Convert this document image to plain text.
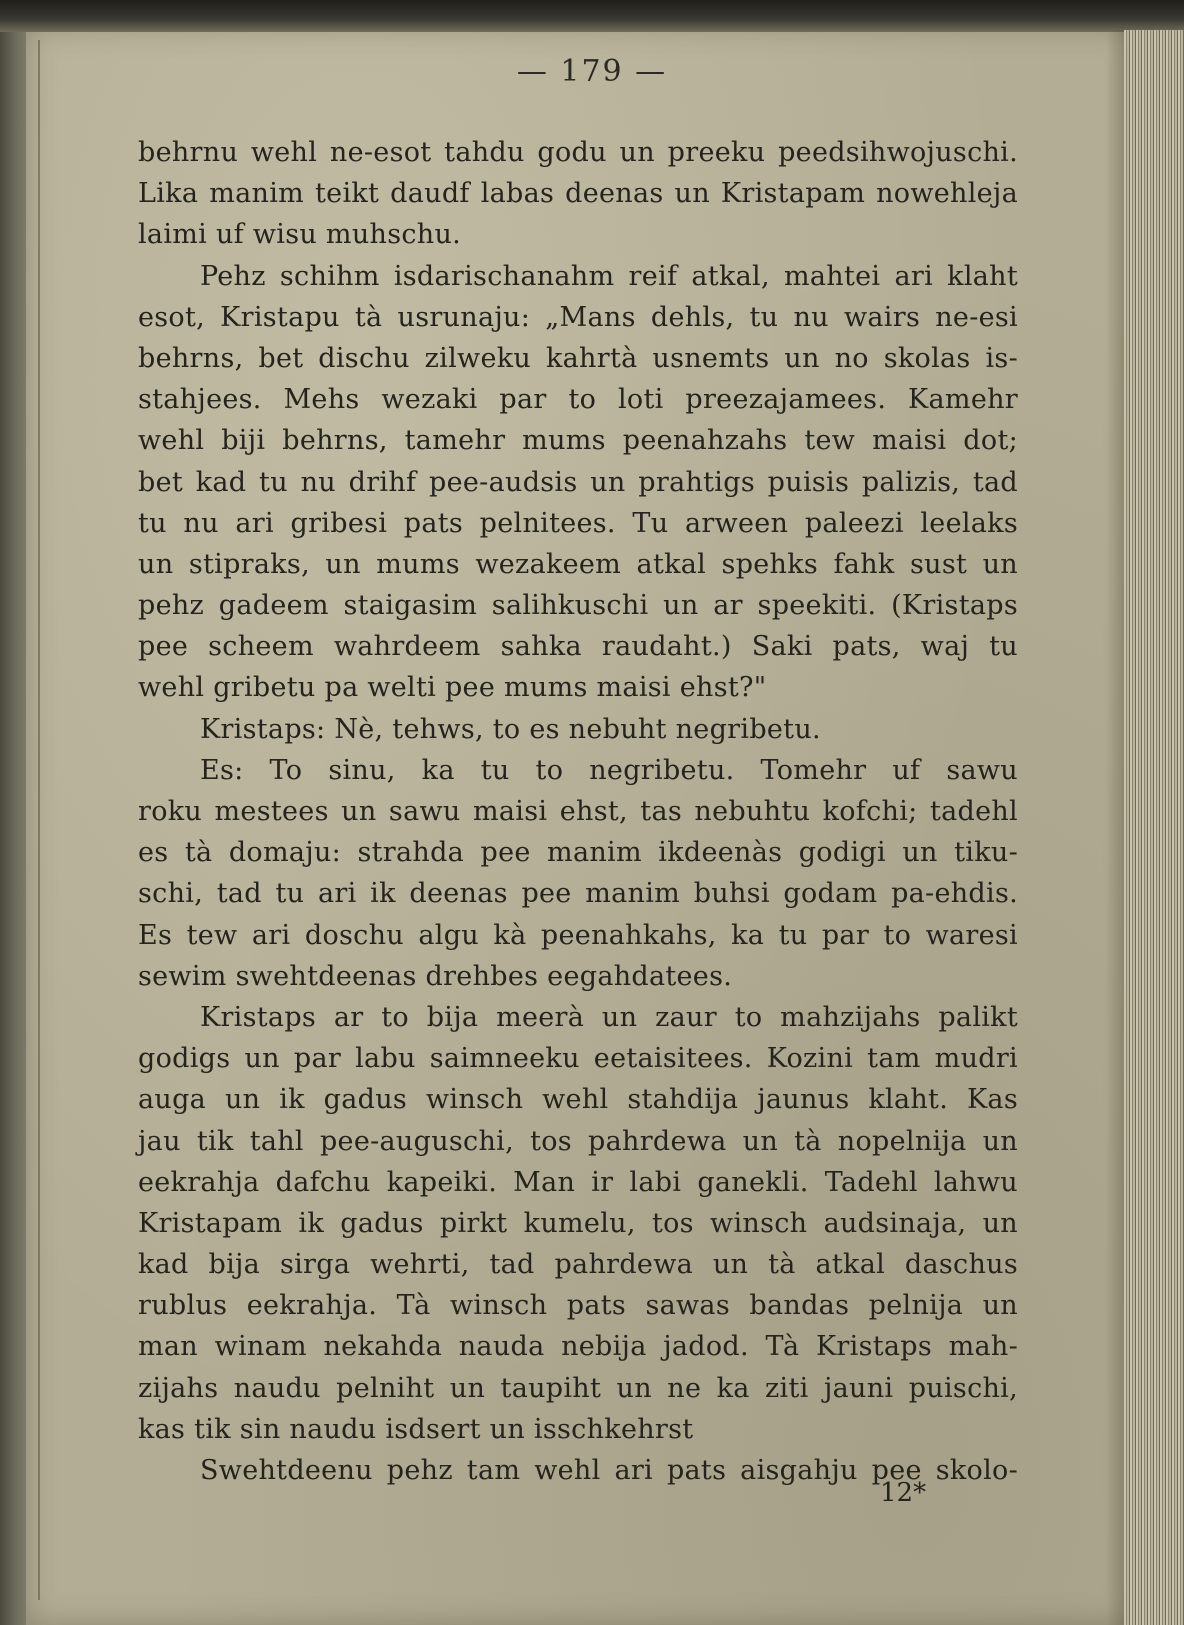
— 179 —
behrnu wehl ne-esot tahdu godu un preeku peedsihwojuschi.
Lika manim teikt daudf labas deenas un Kristapam nowehleja
laimi uf wisu muhschu.
Pehz schihm isdarischanahm reif atkal, mahtei ari klaht
esot, Kristapu tà usrunaju: „Mans dehls, tu nu wairs ne-esi
behrns, bet dischu zilweku kahrtà usnemts un no skolas is-
stahjees. Mehs wezaki par to loti preezajamees. Kamehr
wehl biji behrns, tamehr mums peenahzahs tew maisi dot;
bet kad tu nu drihf pee-audsis un prahtigs puisis palizis, tad
tu nu ari gribesi pats pelnitees. Tu arween paleezi leelaks
un stipraks, un mums wezakeem atkal spehks fahk sust un
pehz gadeem staigasim salihkuschi un ar speekiti. (Kristaps
pee scheem wahrdeem sahka raudaht.) Saki pats, waj tu
wehl gribetu pa welti pee mums maisi ehst?"
Kristaps: Nè, tehws, to es nebuht negribetu.
Es: To sinu, ka tu to negribetu. Tomehr uf sawu
roku mestees un sawu maisi ehst, tas nebuhtu kofchi; tadehl
es tà domaju: strahda pee manim ikdeenàs godigi un tiku-
schi, tad tu ari ik deenas pee manim buhsi godam pa-ehdis.
Es tew ari doschu algu kà peenahkahs, ka tu par to waresi
sewim swehtdeenas drehbes eegahdatees.
Kristaps ar to bija meerà un zaur to mahzijahs palikt
godigs un par labu saimneeku eetaisitees. Kozini tam mudri
auga un ik gadus winsch wehl stahdija jaunus klaht. Kas
jau tik tahl pee-auguschi, tos pahrdewa un tà nopelnija un
eekrahja dafchu kapeiki. Man ir labi ganekli. Tadehl lahwu
Kristapam ik gadus pirkt kumelu, tos winsch audsinaja, un
kad bija sirga wehrti, tad pahrdewa un tà atkal daschus
rublus eekrahja. Tà winsch pats sawas bandas pelnija un
man winam nekahda nauda nebija jadod. Tà Kristaps mah-
zijahs naudu pelniht un taupiht un ne ka ziti jauni puischi,
kas tik sin naudu isdsert un isschkehrst
Swehtdeenu pehz tam wehl ari pats aisgahju pee skolo-
12*
